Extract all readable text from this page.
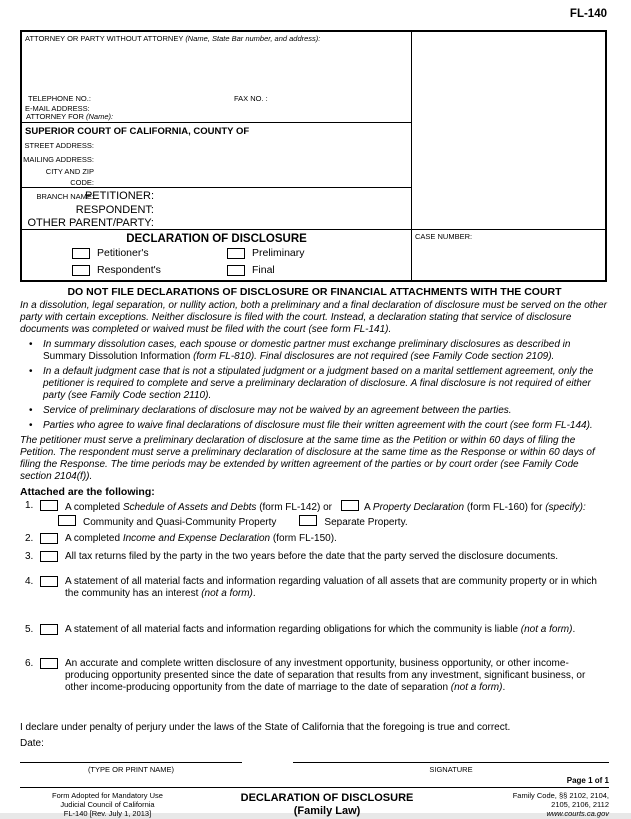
FL-140
ATTORNEY OR PARTY WITHOUT ATTORNEY (Name, State Bar number, and address):
TELEPHONE NO.:	FAX NO. :
E-MAIL ADDRESS:
ATTORNEY FOR (Name):
SUPERIOR COURT OF CALIFORNIA, COUNTY OF
STREET ADDRESS:
MAILING ADDRESS:
CITY AND ZIP CODE:
BRANCH NAME:
PETITIONER:
RESPONDENT:
OTHER PARENT/PARTY:
DECLARATION OF DISCLOSURE
Petitioner's	Preliminary
Respondent's	Final
CASE NUMBER:
DO NOT FILE DECLARATIONS OF DISCLOSURE OR FINANCIAL ATTACHMENTS WITH THE COURT
In a dissolution, legal separation, or nullity action, both a preliminary and a final declaration of disclosure must be served on the other party with certain exceptions. Neither disclosure is filed with the court. Instead, a declaration stating that service of disclosure documents was completed or waived must be filed with the court (see form FL-141).
•	In summary dissolution cases, each spouse or domestic partner must exchange preliminary disclosures as described in Summary Dissolution Information (form FL-810). Final disclosures are not required (see Family Code section 2109).
•	In a default judgment case that is not a stipulated judgment or a judgment based on a marital settlement agreement, only the petitioner is required to complete and serve a preliminary declaration of disclosure. A final disclosure is not required of either party (see Family Code section 2110).
•	Service of preliminary declarations of disclosure may not be waived by an agreement between the parties.
•	Parties who agree to waive final declarations of disclosure must file their written agreement with the court (see form FL-144).
The petitioner must serve a preliminary declaration of disclosure at the same time as the Petition or within 60 days of filing the Petition. The respondent must serve a preliminary declaration of disclosure at the same time as the Response or within 60 days of filing the Response. The time periods may be extended by written agreement of the parties or by court order (see Family Code section 2104(f)).
Attached are the following:
1.	A completed Schedule of Assets and Debts (form FL-142) or	A Property Declaration (form FL-160) for (specify):
Community and Quasi-Community Property	Separate Property.
2.	A completed Income and Expense Declaration (form FL-150).
3.	All tax returns filed by the party in the two years before the date that the party served the disclosure documents.
4.	A statement of all material facts and information regarding valuation of all assets that are community property or in which the community has an interest (not a form).
5.	A statement of all material facts and information regarding obligations for which the community is liable (not a form).
6.	An accurate and complete written disclosure of any investment opportunity, business opportunity, or other income-producing opportunity presented since the date of separation that results from any investment, significant business, or other income-producing opportunity from the date of marriage to the date of separation (not a form).
I declare under penalty of perjury under the laws of the State of California that the foregoing is true and correct.
Date:
(TYPE OR PRINT NAME)	SIGNATURE
Page 1 of 1
Form Adopted for Mandatory Use
Judicial Council of California
FL-140 [Rev. July 1, 2013]
DECLARATION OF DISCLOSURE
(Family Law)
Family Code, §§ 2102, 2104,
2105, 2106, 2112
www.courts.ca.gov
